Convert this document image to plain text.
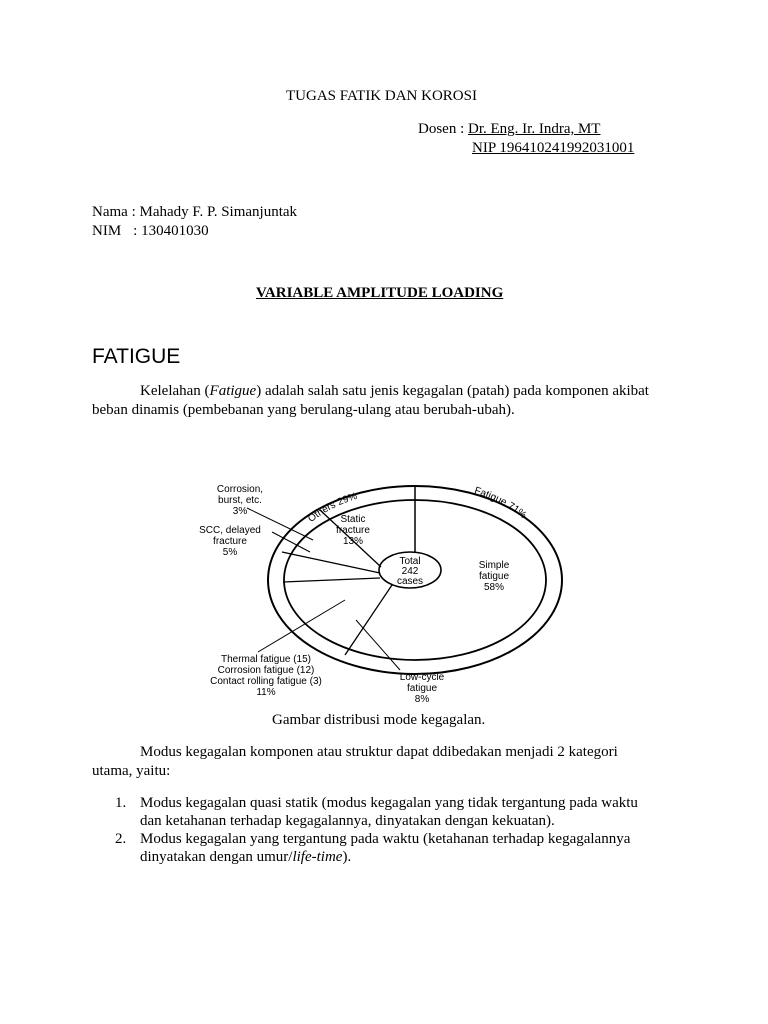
TUGAS FATIK DAN KOROSI
Dosen : Dr. Eng. Ir. Indra, MT
NIP 196410241992031001
Nama : Mahady F. P. Simanjuntak
NIM : 130401030
VARIABLE AMPLITUDE LOADING
FATIGUE
Kelelahan (Fatigue) adalah salah satu jenis kegagalan (patah) pada komponen akibat
beban dinamis (pembebanan yang berulang-ulang atau berubah-ubah).
Others 29%	Fatigue 71%
Total
242
cases
Static
fracture
13%
Simple
fatigue
58%
Corrosion,
burst, etc.
3%
SCC, delayed
fracture
5%
Thermal fatigue (15)
Corrosion fatigue (12)
Contact rolling fatigue (3)
11%
Low-cycle
fatigue
8%
Gambar distribusi mode kegagalan.
Modus kegagalan komponen atau struktur dapat ddibedakan menjadi 2 kategori
utama, yaitu:
1. Modus kegagalan quasi statik (modus kegagalan yang tidak tergantung pada waktu
dan ketahanan terhadap kegagalannya, dinyatakan dengan kekuatan).
2. Modus kegagalan yang tergantung pada waktu (ketahanan terhadap kegagalannya
dinyatakan dengan umur/life-time).
